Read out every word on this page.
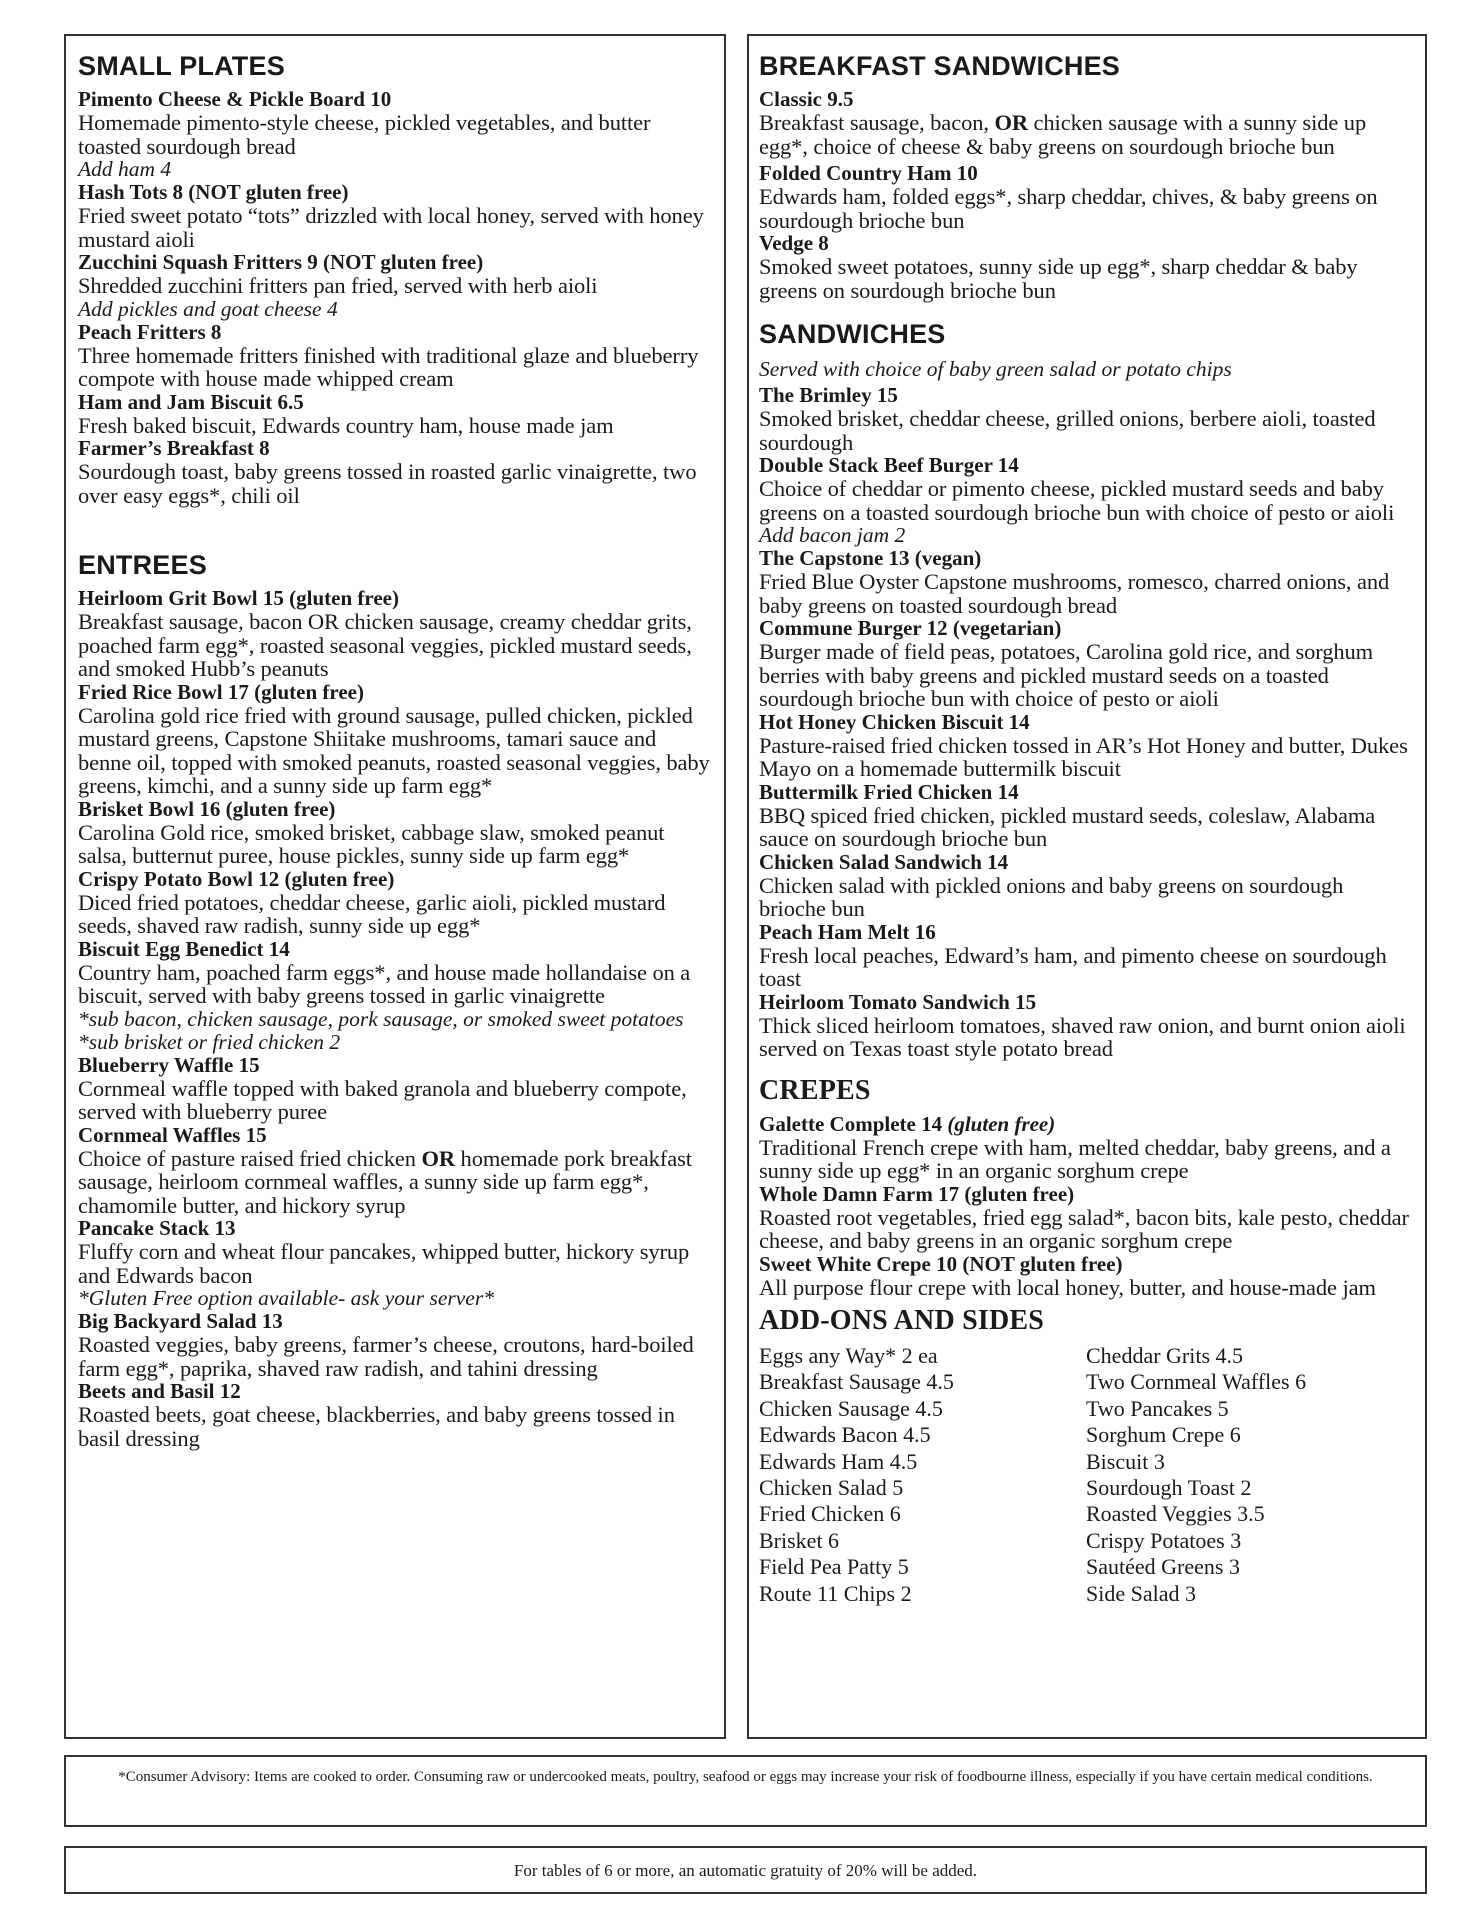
SMALL PLATES
Pimento Cheese & Pickle Board 10
Homemade pimento-style cheese, pickled vegetables, and butter toasted sourdough bread
Add ham 4
Hash Tots 8 (NOT gluten free)
Fried sweet potato “tots” drizzled with local honey, served with honey mustard aioli
Zucchini Squash Fritters 9 (NOT gluten free)
Shredded zucchini fritters pan fried, served with herb aioli
Add pickles and goat cheese 4
Peach Fritters 8
Three homemade fritters finished with traditional glaze and blueberry compote with house made whipped cream
Ham and Jam Biscuit 6.5
Fresh baked biscuit, Edwards country ham, house made jam
Farmer’s Breakfast 8
Sourdough toast, baby greens tossed in roasted garlic vinaigrette, two over easy eggs*, chili oil
ENTREES
Heirloom Grit Bowl 15 (gluten free)
Breakfast sausage, bacon OR chicken sausage, creamy cheddar grits, poached farm egg*, roasted seasonal veggies, pickled mustard seeds, and smoked Hubb’s peanuts
Fried Rice Bowl 17 (gluten free)
Carolina gold rice fried with ground sausage, pulled chicken, pickled mustard greens, Capstone Shiitake mushrooms, tamari sauce and benne oil, topped with smoked peanuts, roasted seasonal veggies, baby greens, kimchi, and a sunny side up farm egg*
Brisket Bowl 16 (gluten free)
Carolina Gold rice, smoked brisket, cabbage slaw, smoked peanut salsa, butternut puree, house pickles, sunny side up farm egg*
Crispy Potato Bowl 12 (gluten free)
Diced fried potatoes, cheddar cheese, garlic aioli, pickled mustard seeds, shaved raw radish, sunny side up egg*
Biscuit Egg Benedict 14
Country ham, poached farm eggs*, and house made hollandaise on a biscuit, served with baby greens tossed in garlic vinaigrette
*sub bacon, chicken sausage, pork sausage, or smoked sweet potatoes
*sub brisket or fried chicken 2
Blueberry Waffle 15
Cornmeal waffle topped with baked granola and blueberry compote, served with blueberry puree
Cornmeal Waffles 15
Choice of pasture raised fried chicken OR homemade pork breakfast sausage, heirloom cornmeal waffles, a sunny side up farm egg*, chamomile butter, and hickory syrup
Pancake Stack 13
Fluffy corn and wheat flour pancakes, whipped butter, hickory syrup and Edwards bacon
*Gluten Free option available- ask your server*
Big Backyard Salad 13
Roasted veggies, baby greens, farmer’s cheese, croutons, hard-boiled farm egg*, paprika, shaved raw radish, and tahini dressing
Beets and Basil 12
Roasted beets, goat cheese, blackberries, and baby greens tossed in basil dressing
BREAKFAST SANDWICHES
Classic 9.5
Breakfast sausage, bacon, OR chicken sausage with a sunny side up egg*, choice of cheese & baby greens on sourdough brioche bun
Folded Country Ham 10
Edwards ham, folded eggs*, sharp cheddar, chives, & baby greens on sourdough brioche bun
Vedge 8
Smoked sweet potatoes, sunny side up egg*, sharp cheddar & baby greens on sourdough brioche bun
SANDWICHES
Served with choice of baby green salad or potato chips
The Brimley 15
Smoked brisket, cheddar cheese, grilled onions, berbere aioli, toasted sourdough
Double Stack Beef Burger 14
Choice of cheddar or pimento cheese, pickled mustard seeds and baby greens on a toasted sourdough brioche bun with choice of pesto or aioli
Add bacon jam 2
The Capstone 13 (vegan)
Fried Blue Oyster Capstone mushrooms, romesco, charred onions, and baby greens on toasted sourdough bread
Commune Burger 12 (vegetarian)
Burger made of field peas, potatoes, Carolina gold rice, and sorghum berries with baby greens and pickled mustard seeds on a toasted sourdough brioche bun with choice of pesto or aioli
Hot Honey Chicken Biscuit 14
Pasture-raised fried chicken tossed in AR’s Hot Honey and butter, Dukes Mayo on a homemade buttermilk biscuit
Buttermilk Fried Chicken 14
BBQ spiced fried chicken, pickled mustard seeds, coleslaw, Alabama sauce on sourdough brioche bun
Chicken Salad Sandwich 14
Chicken salad with pickled onions and baby greens on sourdough brioche bun
Peach Ham Melt 16
Fresh local peaches, Edward’s ham, and pimento cheese on sourdough toast
Heirloom Tomato Sandwich 15
Thick sliced heirloom tomatoes, shaved raw onion, and burnt onion aioli served on Texas toast style potato bread
CREPES
Galette Complete 14 (gluten free)
Traditional French crepe with ham, melted cheddar, baby greens, and a sunny side up egg* in an organic sorghum crepe
Whole Damn Farm 17 (gluten free)
Roasted root vegetables, fried egg salad*, bacon bits, kale pesto, cheddar cheese, and baby greens in an organic sorghum crepe
Sweet White Crepe 10 (NOT gluten free)
All purpose flour crepe with local honey, butter, and house-made jam
ADD-ONS AND SIDES
Eggs any Way* 2 ea
Breakfast Sausage 4.5
Chicken Sausage 4.5
Edwards Bacon 4.5
Edwards Ham 4.5
Chicken Salad 5
Fried Chicken 6
Brisket 6
Field Pea Patty 5
Route 11 Chips 2
Cheddar Grits 4.5
Two Cornmeal Waffles 6
Two Pancakes 5
Sorghum Crepe 6
Biscuit 3
Sourdough Toast 2
Roasted Veggies 3.5
Crispy Potatoes 3
Sautéed Greens 3
Side Salad 3
*Consumer Advisory: Items are cooked to order. Consuming raw or undercooked meats, poultry, seafood or eggs may increase your risk of foodbourne illness, especially if you have certain medical conditions.
For tables of 6 or more, an automatic gratuity of 20% will be added.
